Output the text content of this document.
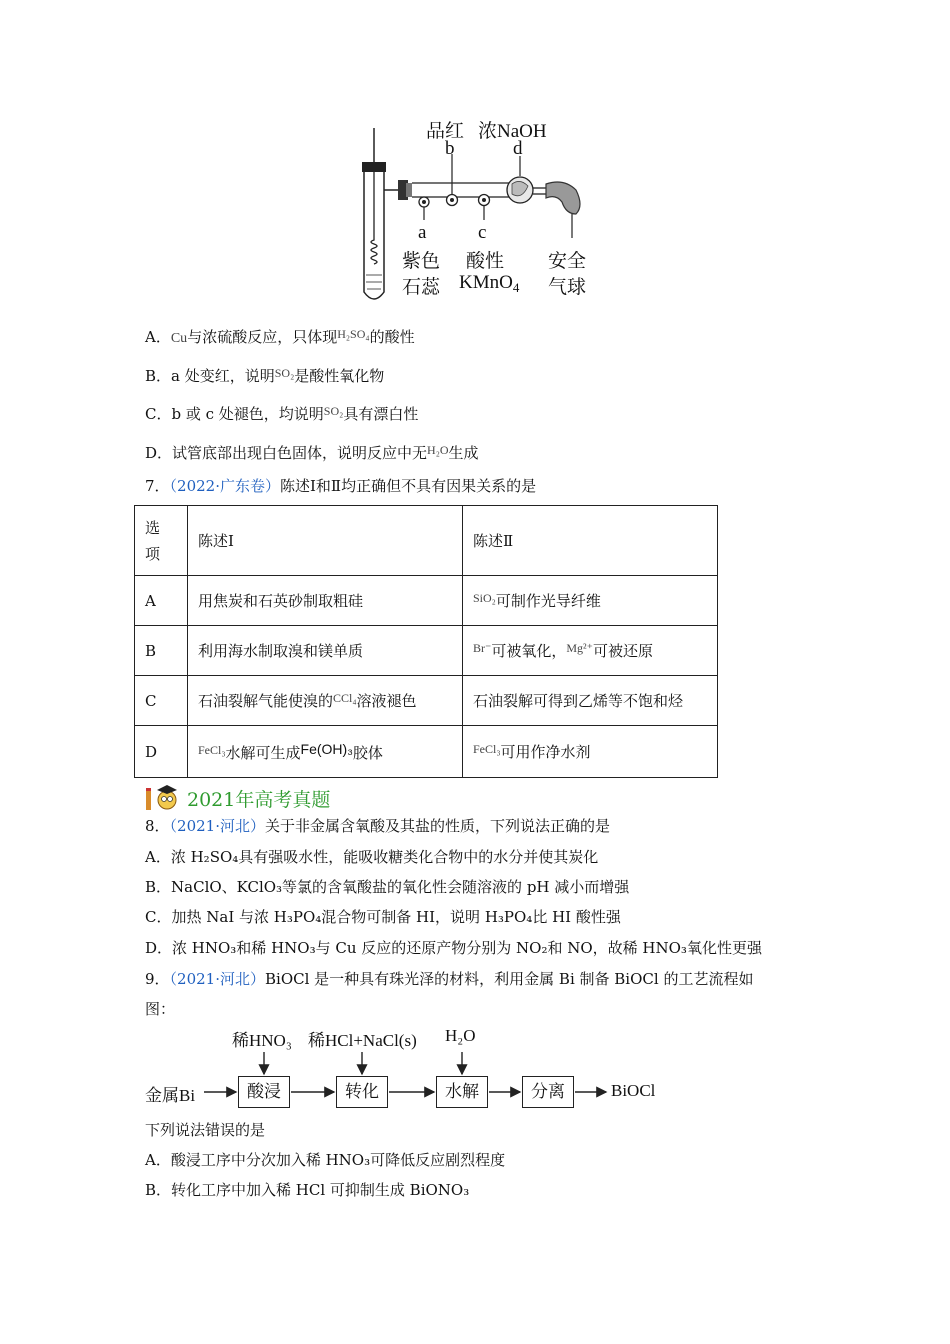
品红 浓NaOH
b	d
a	c
紫色
石蕊
酸性
KMnO$_4$
安全
气球
A．Cu与浓硫酸反应，只体现$^{H_2SO_4}$的酸性
B．a 处变红，说明$^{SO_2}$是酸性氧化物
C．b 或 c 处褪色，均说明$^{SO_2}$具有漂白性
D．试管底部出现白色固体，说明反应中无$^{H_2O}$生成
7．（2022·广东卷）陈述Ⅰ和Ⅱ均正确但不具有因果关系的是
选
项	陈述Ⅰ	陈述Ⅱ
A	用焦炭和石英砂制取粗硅	$^{SiO_2}$可制作光导纤维
B	利用海水制取溴和镁单质	$^{Br^-}$可被氧化，$^{Mg^{2+}}$可被还原
C	石油裂解气能使溴的$^{CCl_4}$溶液褪色	石油裂解可得到乙烯等不饱和烃
D	$^{FeCl_3}$水解可生成Fe(OH)₃胶体	$^{FeCl_3}$可用作净水剂
2021年高考真题
8．（2021·河北）关于非金属含氧酸及其盐的性质，下列说法正确的是
A．浓 H₂SO₄具有强吸水性，能吸收糖类化合物中的水分并使其炭化
B．NaClO、KClO₃等氯的含氧酸盐的氧化性会随溶液的 pH 减小而增强
C．加热 NaI 与浓 H₃PO₄混合物可制备 HI，说明 H₃PO₄比 HI 酸性强
D．浓 HNO₃和稀 HNO₃与 Cu 反应的还原产物分别为 NO₂和 NO，故稀 HNO₃氧化性更强
9．（2021·河北）BiOCl 是一种具有珠光泽的材料，利用金属 Bi 制备 BiOCl 的工艺流程如
图：
金属Bi	酸浸	转化	水解	分离	BiOCl
稀HNO₃ 稀HCl+NaCl(s) H₂O
下列说法错误的是
A．酸浸工序中分次加入稀 HNO₃可降低反应剧烈程度
B．转化工序中加入稀 HCl 可抑制生成 BiONO₃
